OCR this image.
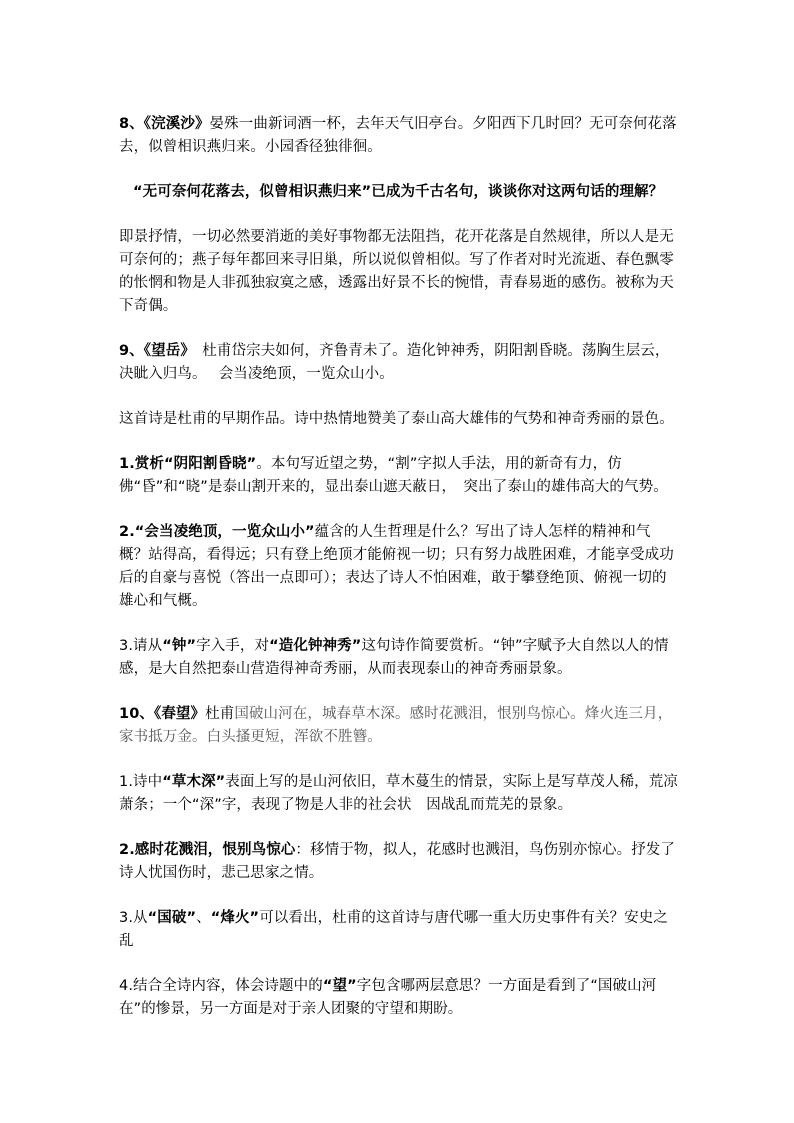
8、《浣溪沙》晏殊一曲新词酒一杯，去年天气旧亭台。夕阳西下几时回？无可奈何花落去，似曾相识燕归来。小园香径独徘徊。

“无可奈何花落去，似曾相识燕归来”已成为千古名句，谈谈你对这两句话的理解？

即景抒情，一切必然要消逝的美好事物都无法阻挡，花开花落是自然规律，所以人是无可奈何的；燕子每年都回来寻旧巢，所以说似曾相似。写了作者对时光流逝、春色飘零的怅惘和物是人非孤独寂寞之感，透露出好景不长的惋惜，青春易逝的感伤。被称为天下奇偶。

9、《望岳》　杜甫岱宗夫如何，齐鲁青未了。造化钟神秀，阴阳割昏晓。荡胸生层云，决眦入归鸟。　 会当凌绝顶，一览众山小。

这首诗是杜甫的早期作品。诗中热情地赞美了泰山高大雄伟的气势和神奇秀丽的景色。

1.赏析“阴阳割昏晓”。本句写近望之势，“割”字拟人手法，用的新奇有力，仿佛“昏”和“晓”是泰山割开来的，显出泰山遮天蔽日，　突出了泰山的雄伟高大的气势。

2.“会当凌绝顶，一览众山小”蕴含的人生哲理是什么？写出了诗人怎样的精神和气概？站得高，看得远；只有登上绝顶才能俯视一切；只有努力战胜困难，才能享受成功后的自豪与喜悦（答出一点即可）；表达了诗人不怕困难，敢于攀登绝顶、俯视一切的雄心和气概。

3.请从“钟”字入手，对“造化钟神秀”这句诗作简要赏析。“钟”字赋予大自然以人的情感，是大自然把泰山营造得神奇秀丽，从而表现泰山的神奇秀丽景象。

10、《春望》杜甫国破山河在，城春草木深。感时花溅泪，恨别鸟惊心。烽火连三月，家书抵万金。白头搔更短，浑欲不胜簪。

1.诗中“草木深”表面上写的是山河依旧，草木蔓生的情景，实际上是写草茂人稀，荒凉萧条；一个“深”字，表现了物是人非的社会状　因战乱而荒芜的景象。

2.感时花溅泪，恨别鸟惊心：移情于物，拟人，花感时也溅泪，鸟伤别亦惊心。抒发了诗人忧国伤时，悲己思家之情。

3.从“国破”、“烽火”可以看出，杜甫的这首诗与唐代哪一重大历史事件有关？安史之乱

4.结合全诗内容，体会诗题中的“望”字包含哪两层意思？一方面是看到了“国破山河在”的惨景，另一方面是对于亲人团聚的守望和期盼。
